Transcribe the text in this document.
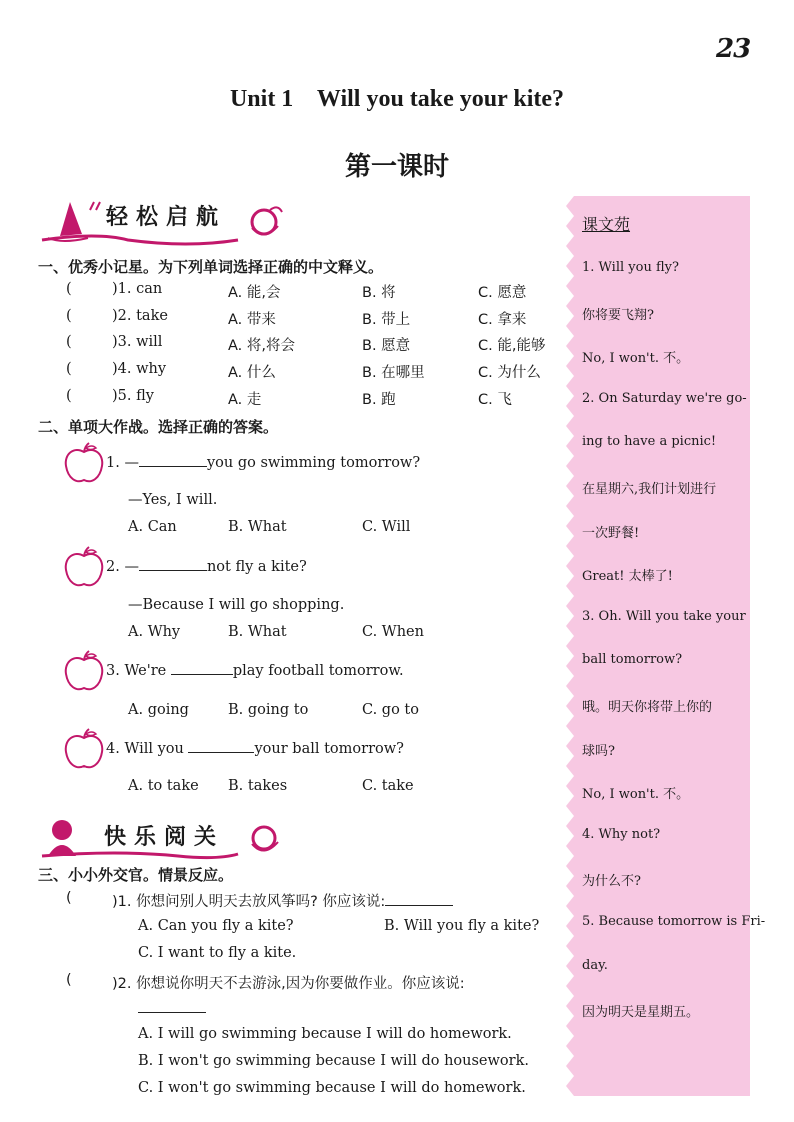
23
Unit 1    Will you take your kite?
第一课时
轻松启航
一、优秀小记星。为下列单词选择正确的中文释义。
(	)1. can	A. 能,会	B. 将	C. 愿意
(	)2. take	A. 带来	B. 带上	C. 拿来
(	)3. will	A. 将,将会	B. 愿意	C. 能,能够
(	)4. why	A. 什么	B. 在哪里	C. 为什么
(	)5. fly	A. 走	B. 跑	C. 飞
二、单项大作战。选择正确的答案。
1. —	you go swimming tomorrow?
—Yes, I will.
A. Can	B. What	C. Will
2. —	not fly a kite?
—Because I will go shopping.
A. Why	B. What	C. When
3. We're	play football tomorrow.
A. going	B. going to	C. go to
4. Will you	your ball tomorrow?
A. to take B. takes	C. take
快乐阅关
三、小小外交官。情景反应。
(	)1. 你想问别人明天去放风筝吗? 你应该说:
A. Can you fly a kite?	B. Will you fly a kite?
C. I want to fly a kite.
(	)2. 你想说你明天不去游泳,因为你要做作业。你应该说:
A. I will go swimming because I will do homework.
B. I won't go swimming because I will do housework.
C. I won't go swimming because I will do homework.
课文苑
1. Will you fly?
你将要飞翔?
No, I won't. 不。
2. On Saturday we're go-
ing to have a picnic!
在星期六,我们计划进行
一次野餐!
Great! 太棒了!
3. Oh. Will you take your
ball tomorrow?
哦。明天你将带上你的
球吗?
No, I won't. 不。
4. Why not?
为什么不?
5. Because tomorrow is Fri-
day.
因为明天是星期五。
